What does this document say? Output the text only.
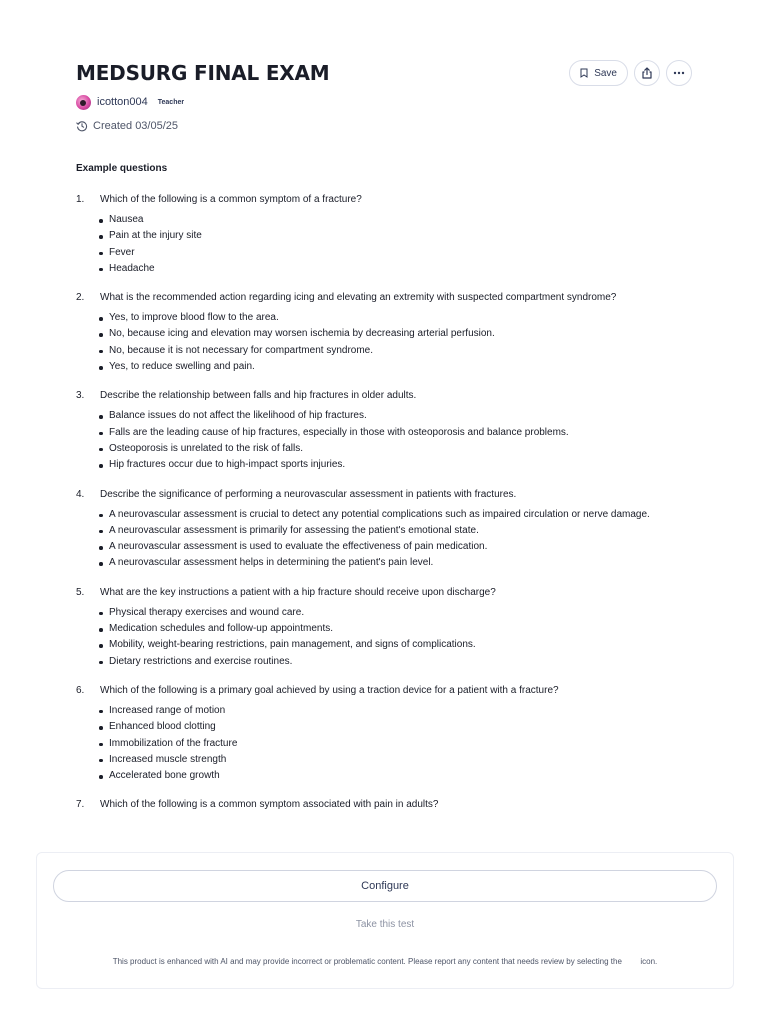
MEDSURG FINAL EXAM	Save
icotton004 Teacher
Created 03/05/25
Example questions
1.	Which of the following is a common symptom of a fracture?
Nausea
Pain at the injury site
Fever
Headache
2.	What is the recommended action regarding icing and elevating an extremity with suspected compartment syndrome?
Yes, to improve blood flow to the area.
No, because icing and elevation may worsen ischemia by decreasing arterial perfusion.
No, because it is not necessary for compartment syndrome.
Yes, to reduce swelling and pain.
3.	Describe the relationship between falls and hip fractures in older adults.
Balance issues do not affect the likelihood of hip fractures.
Falls are the leading cause of hip fractures, especially in those with osteoporosis and balance problems.
Osteoporosis is unrelated to the risk of falls.
Hip fractures occur due to high-impact sports injuries.
4.	Describe the significance of performing a neurovascular assessment in patients with fractures.
A neurovascular assessment is crucial to detect any potential complications such as impaired circulation or nerve damage.
A neurovascular assessment is primarily for assessing the patient's emotional state.
A neurovascular assessment is used to evaluate the effectiveness of pain medication.
A neurovascular assessment helps in determining the patient's pain level.
5.	What are the key instructions a patient with a hip fracture should receive upon discharge?
Physical therapy exercises and wound care.
Medication schedules and follow-up appointments.
Mobility, weight-bearing restrictions, pain management, and signs of complications.
Dietary restrictions and exercise routines.
6.	Which of the following is a primary goal achieved by using a traction device for a patient with a fracture?
Increased range of motion
Enhanced blood clotting
Immobilization of the fracture
Increased muscle strength
Accelerated bone growth
7.	Which of the following is a common symptom associated with pain in adults?
Configure
Take this test
This product is enhanced with AI and may provide incorrect or problematic content. Please report any content that needs review by selecting the icon.
